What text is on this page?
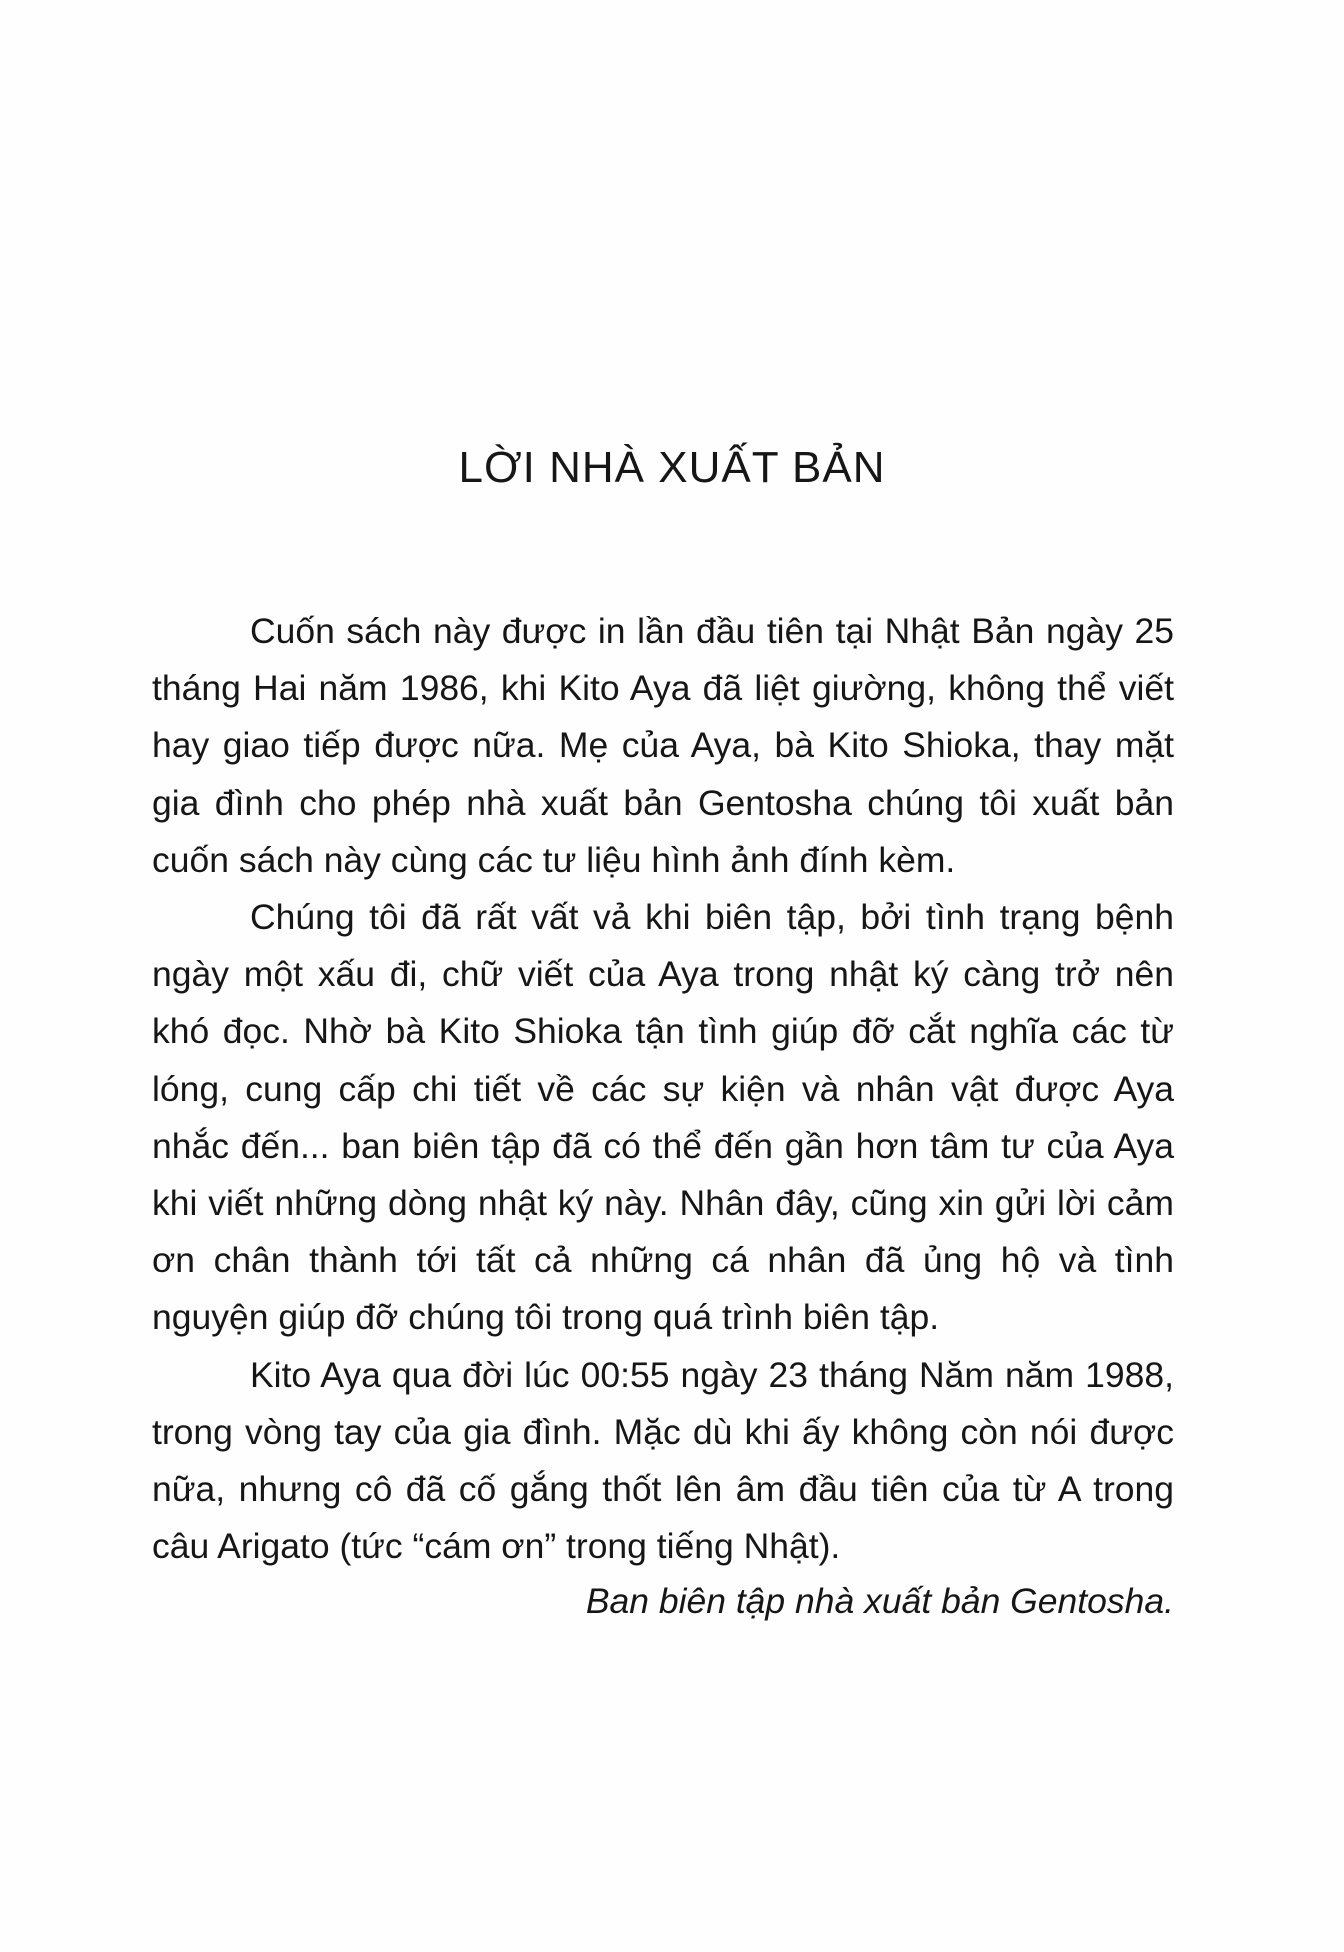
LỜI NHÀ XUẤT BẢN

Cuốn sách này được in lần đầu tiên tại Nhật Bản ngày 25 tháng Hai năm 1986, khi Kito Aya đã liệt giường, không thể viết hay giao tiếp được nữa. Mẹ của Aya, bà Kito Shioka, thay mặt gia đình cho phép nhà xuất bản Gentosha chúng tôi xuất bản cuốn sách này cùng các tư liệu hình ảnh đính kèm.

Chúng tôi đã rất vất vả khi biên tập, bởi tình trạng bệnh ngày một xấu đi, chữ viết của Aya trong nhật ký càng trở nên khó đọc. Nhờ bà Kito Shioka tận tình giúp đỡ cắt nghĩa các từ lóng, cung cấp chi tiết về các sự kiện và nhân vật được Aya nhắc đến... ban biên tập đã có thể đến gần hơn tâm tư của Aya khi viết những dòng nhật ký này. Nhân đây, cũng xin gửi lời cảm ơn chân thành tới tất cả những cá nhân đã ủng hộ và tình nguyện giúp đỡ chúng tôi trong quá trình biên tập.

Kito Aya qua đời lúc 00:55 ngày 23 tháng Năm năm 1988, trong vòng tay của gia đình. Mặc dù khi ấy không còn nói được nữa, nhưng cô đã cố gắng thốt lên âm đầu tiên của từ A trong câu Arigato (tức “cám ơn” trong tiếng Nhật).

Ban biên tập nhà xuất bản Gentosha.
